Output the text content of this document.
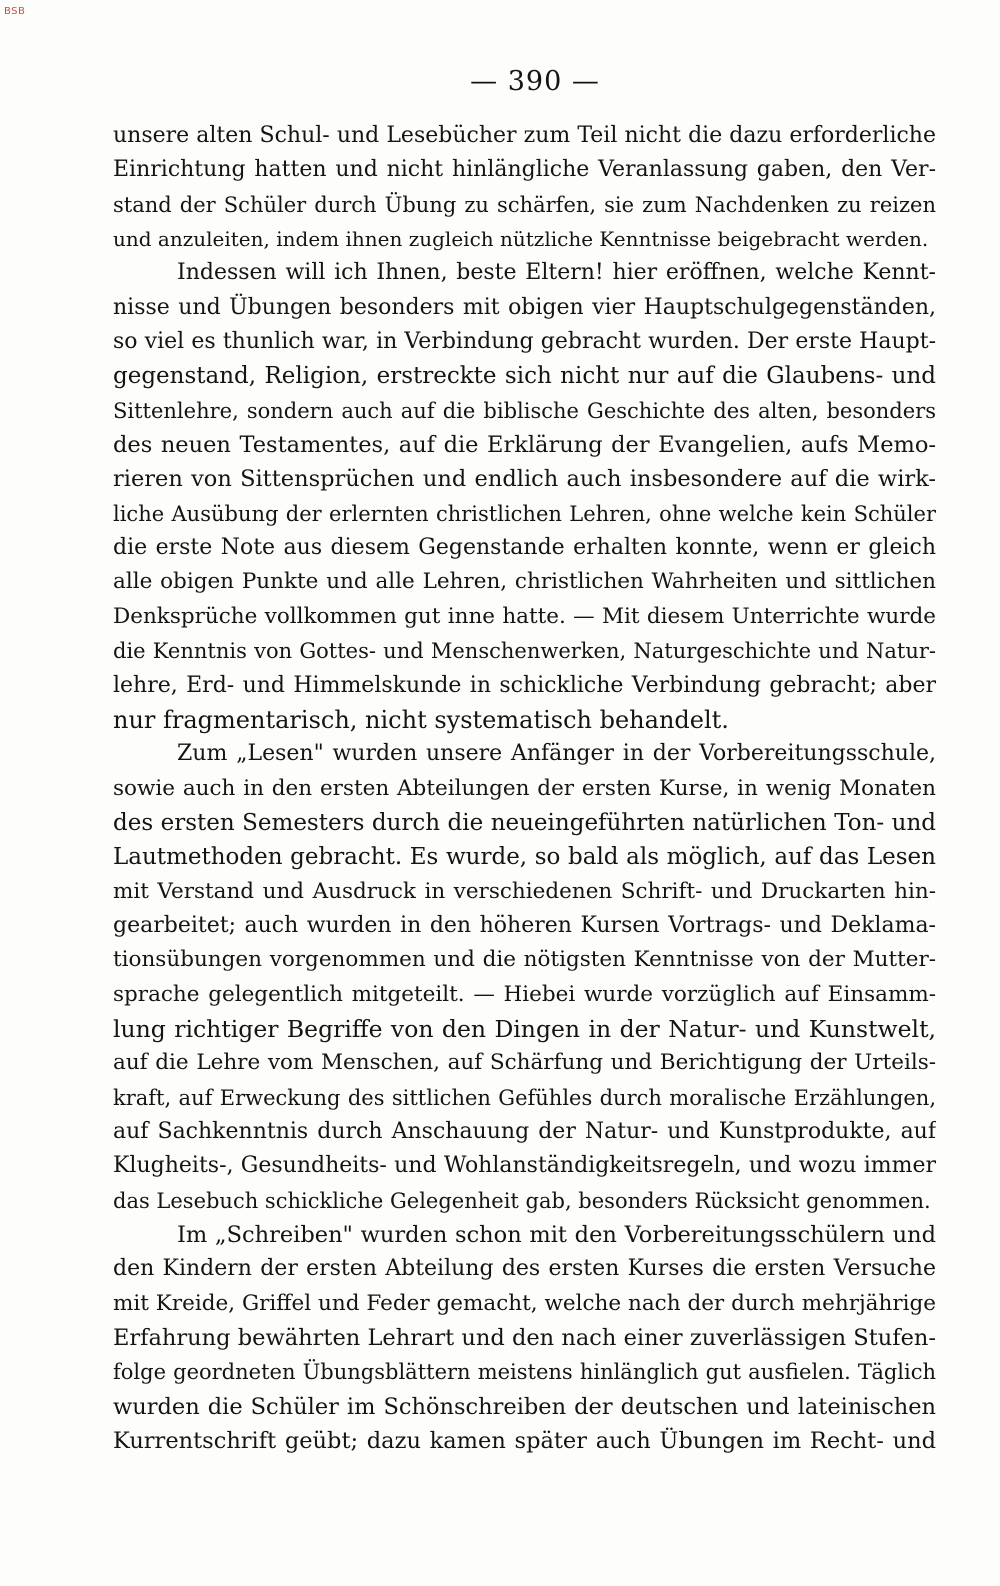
BSB
— 390 —
unsere alten Schul- und Lesebücher zum Teil nicht die dazu erforderliche
Einrichtung hatten und nicht hinlängliche Veranlassung gaben, den Ver-
stand der Schüler durch Übung zu schärfen, sie zum Nachdenken zu reizen
und anzuleiten, indem ihnen zugleich nützliche Kenntnisse beigebracht werden.
Indessen will ich Ihnen, beste Eltern! hier eröffnen, welche Kennt-
nisse und Übungen besonders mit obigen vier Hauptschulgegenständen,
so viel es thunlich war, in Verbindung gebracht wurden. Der erste Haupt-
gegenstand, Religion, erstreckte sich nicht nur auf die Glaubens- und
Sittenlehre, sondern auch auf die biblische Geschichte des alten, besonders
des neuen Testamentes, auf die Erklärung der Evangelien, aufs Memo-
rieren von Sittensprüchen und endlich auch insbesondere auf die wirk-
liche Ausübung der erlernten christlichen Lehren, ohne welche kein Schüler
die erste Note aus diesem Gegenstande erhalten konnte, wenn er gleich
alle obigen Punkte und alle Lehren, christlichen Wahrheiten und sittlichen
Denksprüche vollkommen gut inne hatte. — Mit diesem Unterrichte wurde
die Kenntnis von Gottes- und Menschenwerken, Naturgeschichte und Natur-
lehre, Erd- und Himmelskunde in schickliche Verbindung gebracht; aber
nur fragmentarisch, nicht systematisch behandelt.
Zum „Lesen" wurden unsere Anfänger in der Vorbereitungsschule,
sowie auch in den ersten Abteilungen der ersten Kurse, in wenig Monaten
des ersten Semesters durch die neueingeführten natürlichen Ton- und
Lautmethoden gebracht. Es wurde, so bald als möglich, auf das Lesen
mit Verstand und Ausdruck in verschiedenen Schrift- und Druckarten hin-
gearbeitet; auch wurden in den höheren Kursen Vortrags- und Deklama-
tionsübungen vorgenommen und die nötigsten Kenntnisse von der Mutter-
sprache gelegentlich mitgeteilt. — Hiebei wurde vorzüglich auf Einsamm-
lung richtiger Begriffe von den Dingen in der Natur- und Kunstwelt,
auf die Lehre vom Menschen, auf Schärfung und Berichtigung der Urteils-
kraft, auf Erweckung des sittlichen Gefühles durch moralische Erzählungen,
auf Sachkenntnis durch Anschauung der Natur- und Kunstprodukte, auf
Klugheits-, Gesundheits- und Wohlanständigkeitsregeln, und wozu immer
das Lesebuch schickliche Gelegenheit gab, besonders Rücksicht genommen.
Im „Schreiben" wurden schon mit den Vorbereitungsschülern und
den Kindern der ersten Abteilung des ersten Kurses die ersten Versuche
mit Kreide, Griffel und Feder gemacht, welche nach der durch mehrjährige
Erfahrung bewährten Lehrart und den nach einer zuverlässigen Stufen-
folge geordneten Übungsblättern meistens hinlänglich gut ausfielen. Täglich
wurden die Schüler im Schönschreiben der deutschen und lateinischen
Kurrentschrift geübt; dazu kamen später auch Übungen im Recht- und
